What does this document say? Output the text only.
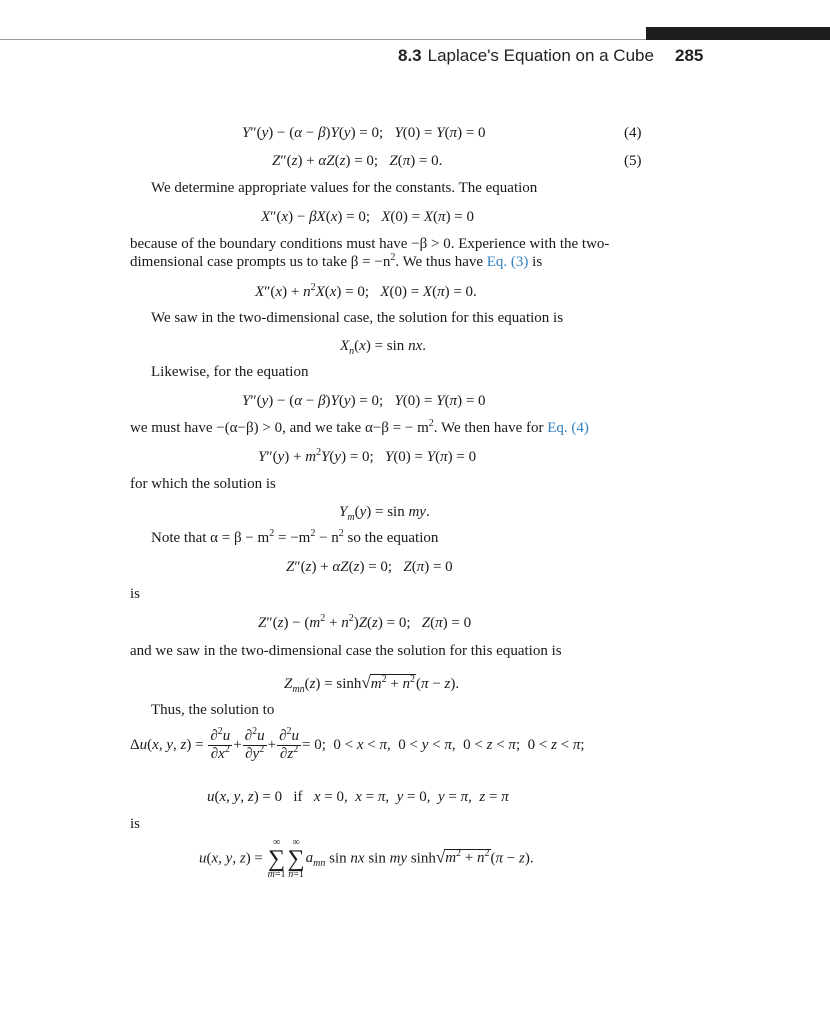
8.3 Laplace's Equation on a Cube 285
Y″(y) − (α − β)Y(y) = 0;   Y(0) = Y(π) = 0	(4)
Z″(z) + αZ(z) = 0;   Z(π) = 0.	(5)
We determine appropriate values for the constants. The equation
X″(x) − βX(x) = 0;   X(0) = X(π) = 0
because of the boundary conditions must have −β > 0. Experience with the two-
dimensional case prompts us to take $\beta = -n^2$. We thus have Eq. (3) is
$X''(x) + n^2X(x) = 0$;   X(0) = X(π) = 0.
We saw in the two-dimensional case, the solution for this equation is
$X_n(x) = \sin$ nx.
Likewise, for the equation
Y″(y) − (α − β)Y(y) = 0;   Y(0) = Y(π) = 0
we must have −(α−β) > 0, and we take α−β = − $m^2$. We then have for Eq. (4)
$Y''(y) + m^2Y(y) = 0$;   Y(0) = Y(π) = 0
for which the solution is
$Y_m(y) = \sin$ my.
Note that $\alpha = \beta - m^2 = -m^2 - n^2$ so the equation
Z″(z) + αZ(z) = 0;   Z(π) = 0
is
$Z''(z) - (m^2 + n^2)Z(z) = 0$;   Z(π) = 0
and we saw in the two-dimensional case the solution for this equation is
$Z_{mn}(z) = \sinh√m^2 + n^2(\pi - z)$.
Thus, the solution to
Δu(x, y, $z) = \frac{\partial^2u}{\partial x^2} + \frac{\partial^2u}{\partial y^2} + \frac{\partial^2u}{\partial z^2} = 0$;  0 < x < π,  0 < y < π,  0 < z < π;  0 < z < π;
u(x, y, z) = 0   if   x = 0,  x = π,  y = 0,  y = π,  z = π
is
u(x, y, z) =
∞
∑
m=1
∞
∑
n=1
$a_{mn}$ sin nx sin my $\sinh√m^2 + n^2(\pi - z)$.
